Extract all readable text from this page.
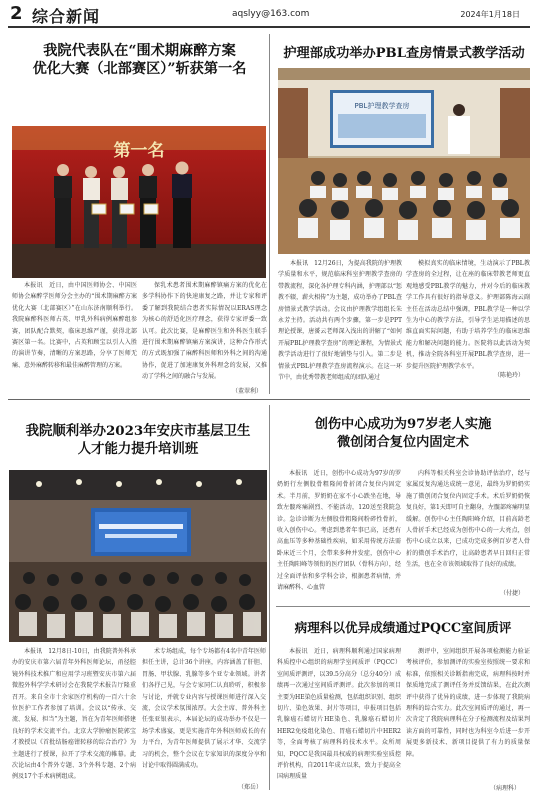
2 综合新闻	aqslyy@163.com	2024年1月18日
我院代表队在“围术期麻醉方案
优化大赛（北部赛区）”斩获第一名
第一名
本报讯　近日，由中国医师协会、中国医师协会麻醉学医师分会主办的“围术期麻醉方案优化大赛（北部赛区）”在山东济南顺利举行。我院麻醉科医师占英、甲乳外科病例麻醉组参赛，团队配合默契，临床思维严谨，获得北部赛区第一名。比赛中，占英和顾宝以引人入胜的演讲节奏，清晰的方案思路，分享了医师无痛、意外麻醉转移和最佳麻醉管理的方案。
保乳术患者围术期麻醉镇痛方案的优化在多学科协作下的快速康复之路，并让专家和评委了解到我院结合患者实际情况以ERAS理念为核心的舒适化医疗理念，获得专家评委一致认可。此次比赛，是麻醉医生和外科医生联手进行围术期麻醉镇痛方案演讲，这种合作形式的方式既加强了麻醉科医师和外科之间的沟通协作，促进了加速康复外科理念的发展，又推动了学科之间的融合与发展。
（董翠利）
护理部成功举办PBL查房情景式教学活动
PBL护理教学查房
本报讯　12月26日，为提高我院的护理教学质量和水平，规范临床科室护理教学查房的带教流程，深化各护理专科内涵，护理部以“惩教不辍，薪火相传”为主题，成功举办了PBL查房情景式教学活动。会议由护理教学组组长朱永芳主持。活动共有两个步骤，第一步是PPT理论授课，唐赟云老师深入浅出的讲解了“如何开展PBL护理教学查房”的理论课程，为情景式教学活动进行了很好地铺垫与引入。第二步是情景式PBL护理教学查房流程演示。在这一环节中，由优秀带教老师组成的团队通过
模拟真实的临床情境，生动演示了PBL教学查房的全过程，让在座的临床带教老师更直观地感受PBL教学的魅力，并对今后的临床教学工作具有很好的指导意义。护理部陈海云副主任在活动总结中强调，PBL教学是一种以学生为中心的教学方法，引导学生运用描述的思维直面实际问题，有助于培养学生的临床思维能力和解决问题的能力。医院将以此活动为契机，推动全院各科室开展PBL教学查房，进一步提升医院护理教学水平。
（陈艳玲）
我院顺利举办2023年安庆市基层卫生
人才能力提升培训班
本报讯　12月8日-10日，由我院普外科承办的安庆市第六届青年外科医师论坛，甬径腔镜外科技术推广和应用学习班暨安庆市第六届微腔外科学学术研讨会在我院学术报告厅隆重召开。来自全市十余家医疗机构的一百六十余位医护工作者参加了培训。会议以“传承、交流、发展、担当”为主题，旨在为青年医师搭建良好的学术交流平台。北京大学肿瘤医院郭宝才教授以《首批结肠癌钳转移的综合治疗》为主题进行了授课，拉开了学术交流的帷幕。此次论坛由4个普外专题、3个外科专题、2个病例及17个手术病例组成。
术专场组成，每个专场都有4名中青年医师担任主讲，总计36个讲座，内容涵盖了肝胆、胃肠、甲状腺、乳腺等多个亚专业领域。讲者们各抒己见，与会专家同仁认真聆听，积极参与讨论，并就专业内容与授课医师进行深入交流，会议学术氛围浓厚。大会主席、普外科主任张亚银表示，本届论坛的成功举办不仅是一场学术盛宴，更是实施青年外科医师成长的有力平台，为青年医师提供了展示才华、交流学习的机会，整个会议在专家知识的深度分享和讨论中取得圆满成功。
（郑岳）
创伤中心成功为97岁老人实施
微创闭合复位内固定术
本报讯　近日，创伤中心成功为97岁的罗奶奶行左侧股骨粗隆间骨折闭合复位内固定术。半月前，罗奶奶在家不小心跌坐在地，导致左髋疼痛剧烈、不能活动，120送至我院急诊。急诊诊断为左侧股骨粗隆间粉碎性骨折，收入创伤中心。考虑到患者年事已高，还患有高血压等多种基础性疾病，如采用传统方法需卧床近三个月，会带来多种并发症，创伤中心主任陶阳峰等领衔的医疗团队（骨科方向），经过全面评估和多学科会诊，根据患者病情，并请麻醉科、心血管
内科等相关科室会诊协助评估治疗，经与家属反复沟通达成统一意见，最终为罗奶奶实施了微创闭合复位内固定手术。术后罗奶奶恢复良好，第1天即可自主翻身，左髋部疼痛明显缓解。创伤中心主任陶阳峰介绍，目前高龄老人骨折手术已经成为创伤中心的一大亮点，创伤中心成立以来，已成功完成多例百岁老人骨折的微创手术治疗，让高龄患者早日回归正常生活，也在全市该领域取得了良好的成绩。
（付捷）
病理科以优异成绩通过PQCC室间质评
本报讯　近日，病理科顺利通过国家病理科质控中心组织的病理学室间质评（PQCC）室间质评测评，以39.5分高分（总分40分）成绩再一次通过室间质评测评。此次参加的项目主要为HE染色质量检测，包括组织识别、组织切片、染色效果、封片等项目，申报项目包括乳腺癌石蜡切片HE染色、乳腺癌石蜡切片HER2免疫组化染色、胃癌石蜡切片中HER2等，全面考核了病理科的技术水平。众所周知，PQCC是我国最具权威的病理实验室质控评价机构，自2011年成立以来，致力于提高全国病理质量
测评中，室间组织开展各项检测能力验证考核评价，参加测评的实验室按照统一要求和标准，依照相关诊断指南完成，病理科按时并保质地完成了测评任务并反馈结果，在此次测评中获得了优异的成绩，进一步体现了我院病理科的综合实力。此次室间质评的通过，再一次肯定了我院病理科在分子检测流程及结果判读方面的可靠性，同时也为科室今后进一步开展更多新技术、新项目提供了有力的质量保障。
（病理科）
